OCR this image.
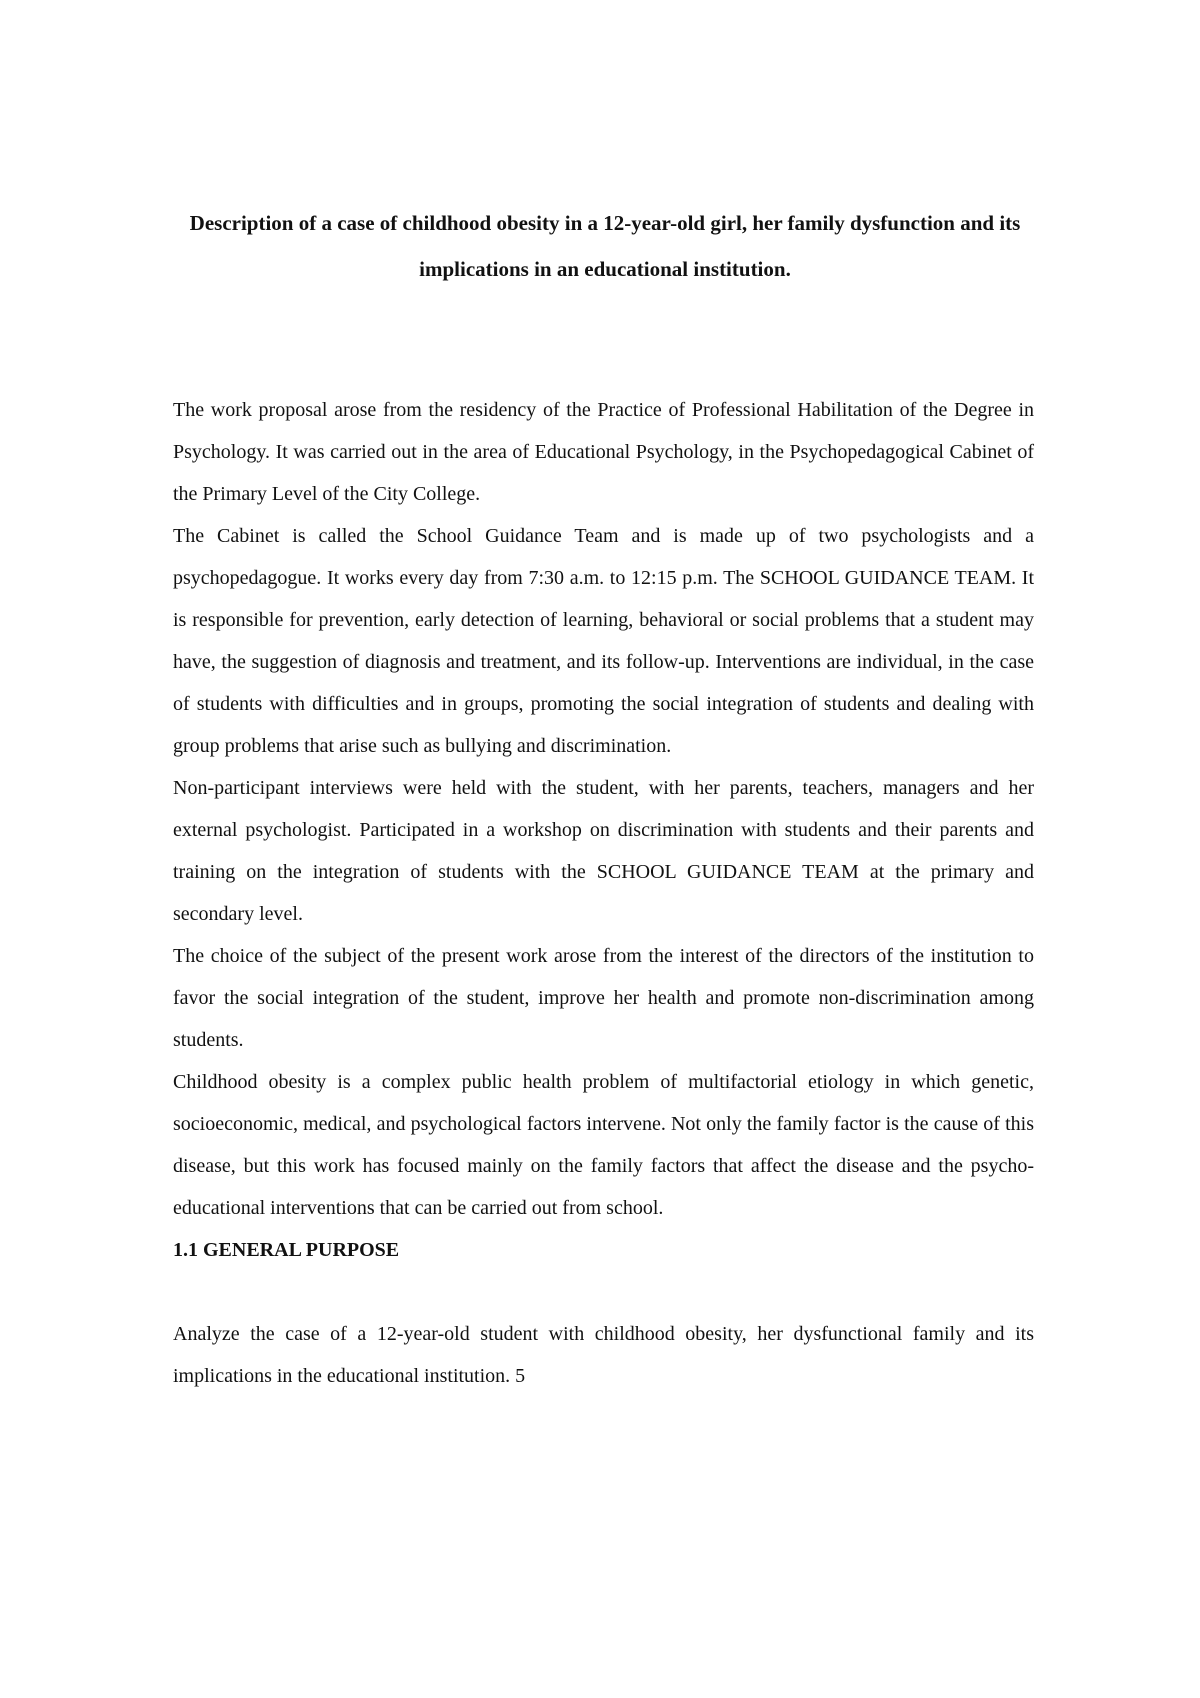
Description of a case of childhood obesity in a 12-year-old girl, her family dysfunction and its implications in an educational institution.

The work proposal arose from the residency of the Practice of Professional Habilitation of the Degree in Psychology. It was carried out in the area of Educational Psychology, in the Psychopedagogical Cabinet of the Primary Level of the City College.

The Cabinet is called the School Guidance Team and is made up of two psychologists and a psychopedagogue. It works every day from 7:30 a.m. to 12:15 p.m. The SCHOOL GUIDANCE TEAM. It is responsible for prevention, early detection of learning, behavioral or social problems that a student may have, the suggestion of diagnosis and treatment, and its follow-up. Interventions are individual, in the case of students with difficulties and in groups, promoting the social integration of students and dealing with group problems that arise such as bullying and discrimination.

Non-participant interviews were held with the student, with her parents, teachers, managers and her external psychologist. Participated in a workshop on discrimination with students and their parents and training on the integration of students with the SCHOOL GUIDANCE TEAM at the primary and secondary level.

The choice of the subject of the present work arose from the interest of the directors of the institution to favor the social integration of the student, improve her health and promote non-discrimination among students.

Childhood obesity is a complex public health problem of multifactorial etiology in which genetic, socioeconomic, medical, and psychological factors intervene. Not only the family factor is the cause of this disease, but this work has focused mainly on the family factors that affect the disease and the psycho-educational interventions that can be carried out from school.

1.1 GENERAL PURPOSE

Analyze the case of a 12-year-old student with childhood obesity, her dysfunctional family and its implications in the educational institution. 5
